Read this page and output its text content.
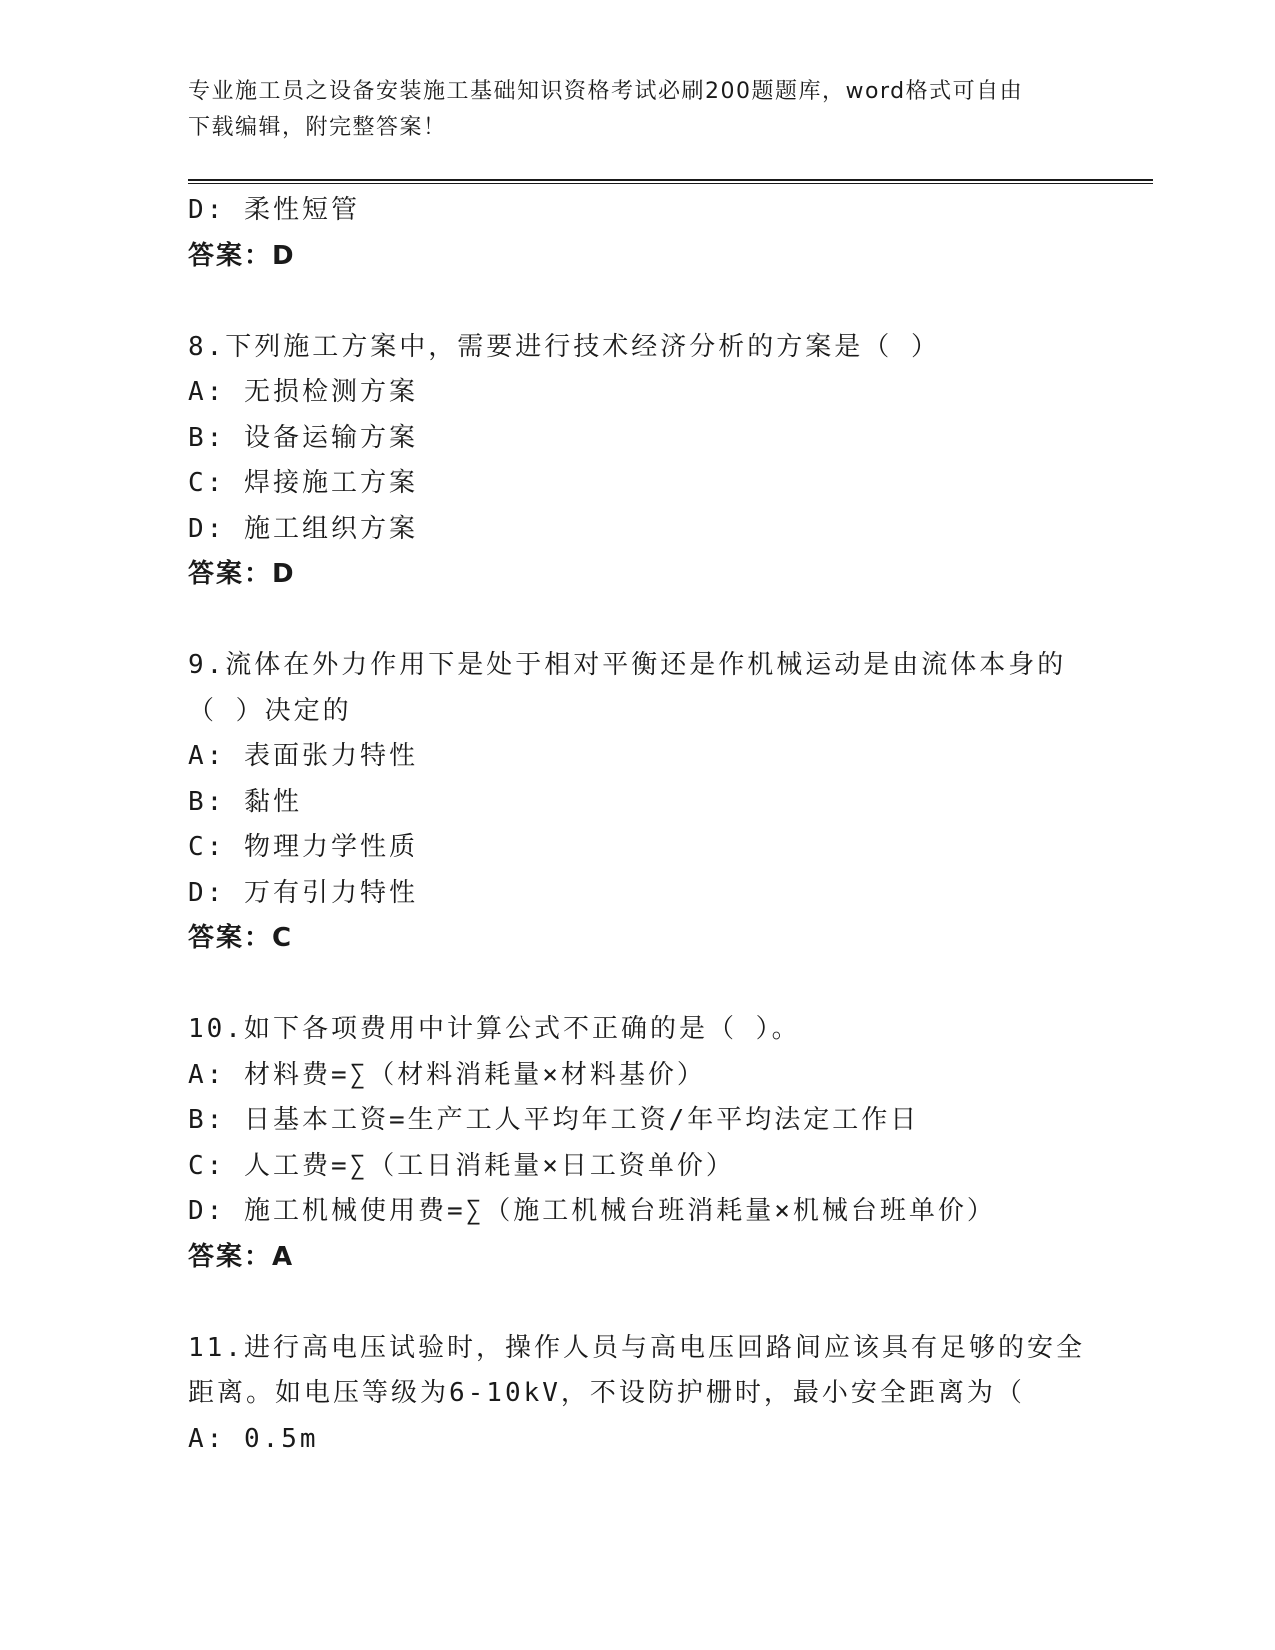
专业施工员之设备安装施工基础知识资格考试必刷200题题库，word格式可自由
下载编辑，附完整答案！
D: 柔性短管
答案：D
8.下列施工方案中，需要进行技术经济分析的方案是（ ）
A: 无损检测方案
B: 设备运输方案
C: 焊接施工方案
D: 施工组织方案
答案：D
9.流体在外力作用下是处于相对平衡还是作机械运动是由流体本身的
（ ）决定的
A: 表面张力特性
B: 黏性
C: 物理力学性质
D: 万有引力特性
答案：C
10.如下各项费用中计算公式不正确的是（ ）。
A: 材料费=∑（材料消耗量×材料基价）
B: 日基本工资=生产工人平均年工资/年平均法定工作日
C: 人工费=∑（工日消耗量×日工资单价）
D: 施工机械使用费=∑（施工机械台班消耗量×机械台班单价）
答案：A
11.进行高电压试验时，操作人员与高电压回路间应该具有足够的安全
距离。如电压等级为6-10kV，不设防护栅时，最小安全距离为（
A: 0.5m
